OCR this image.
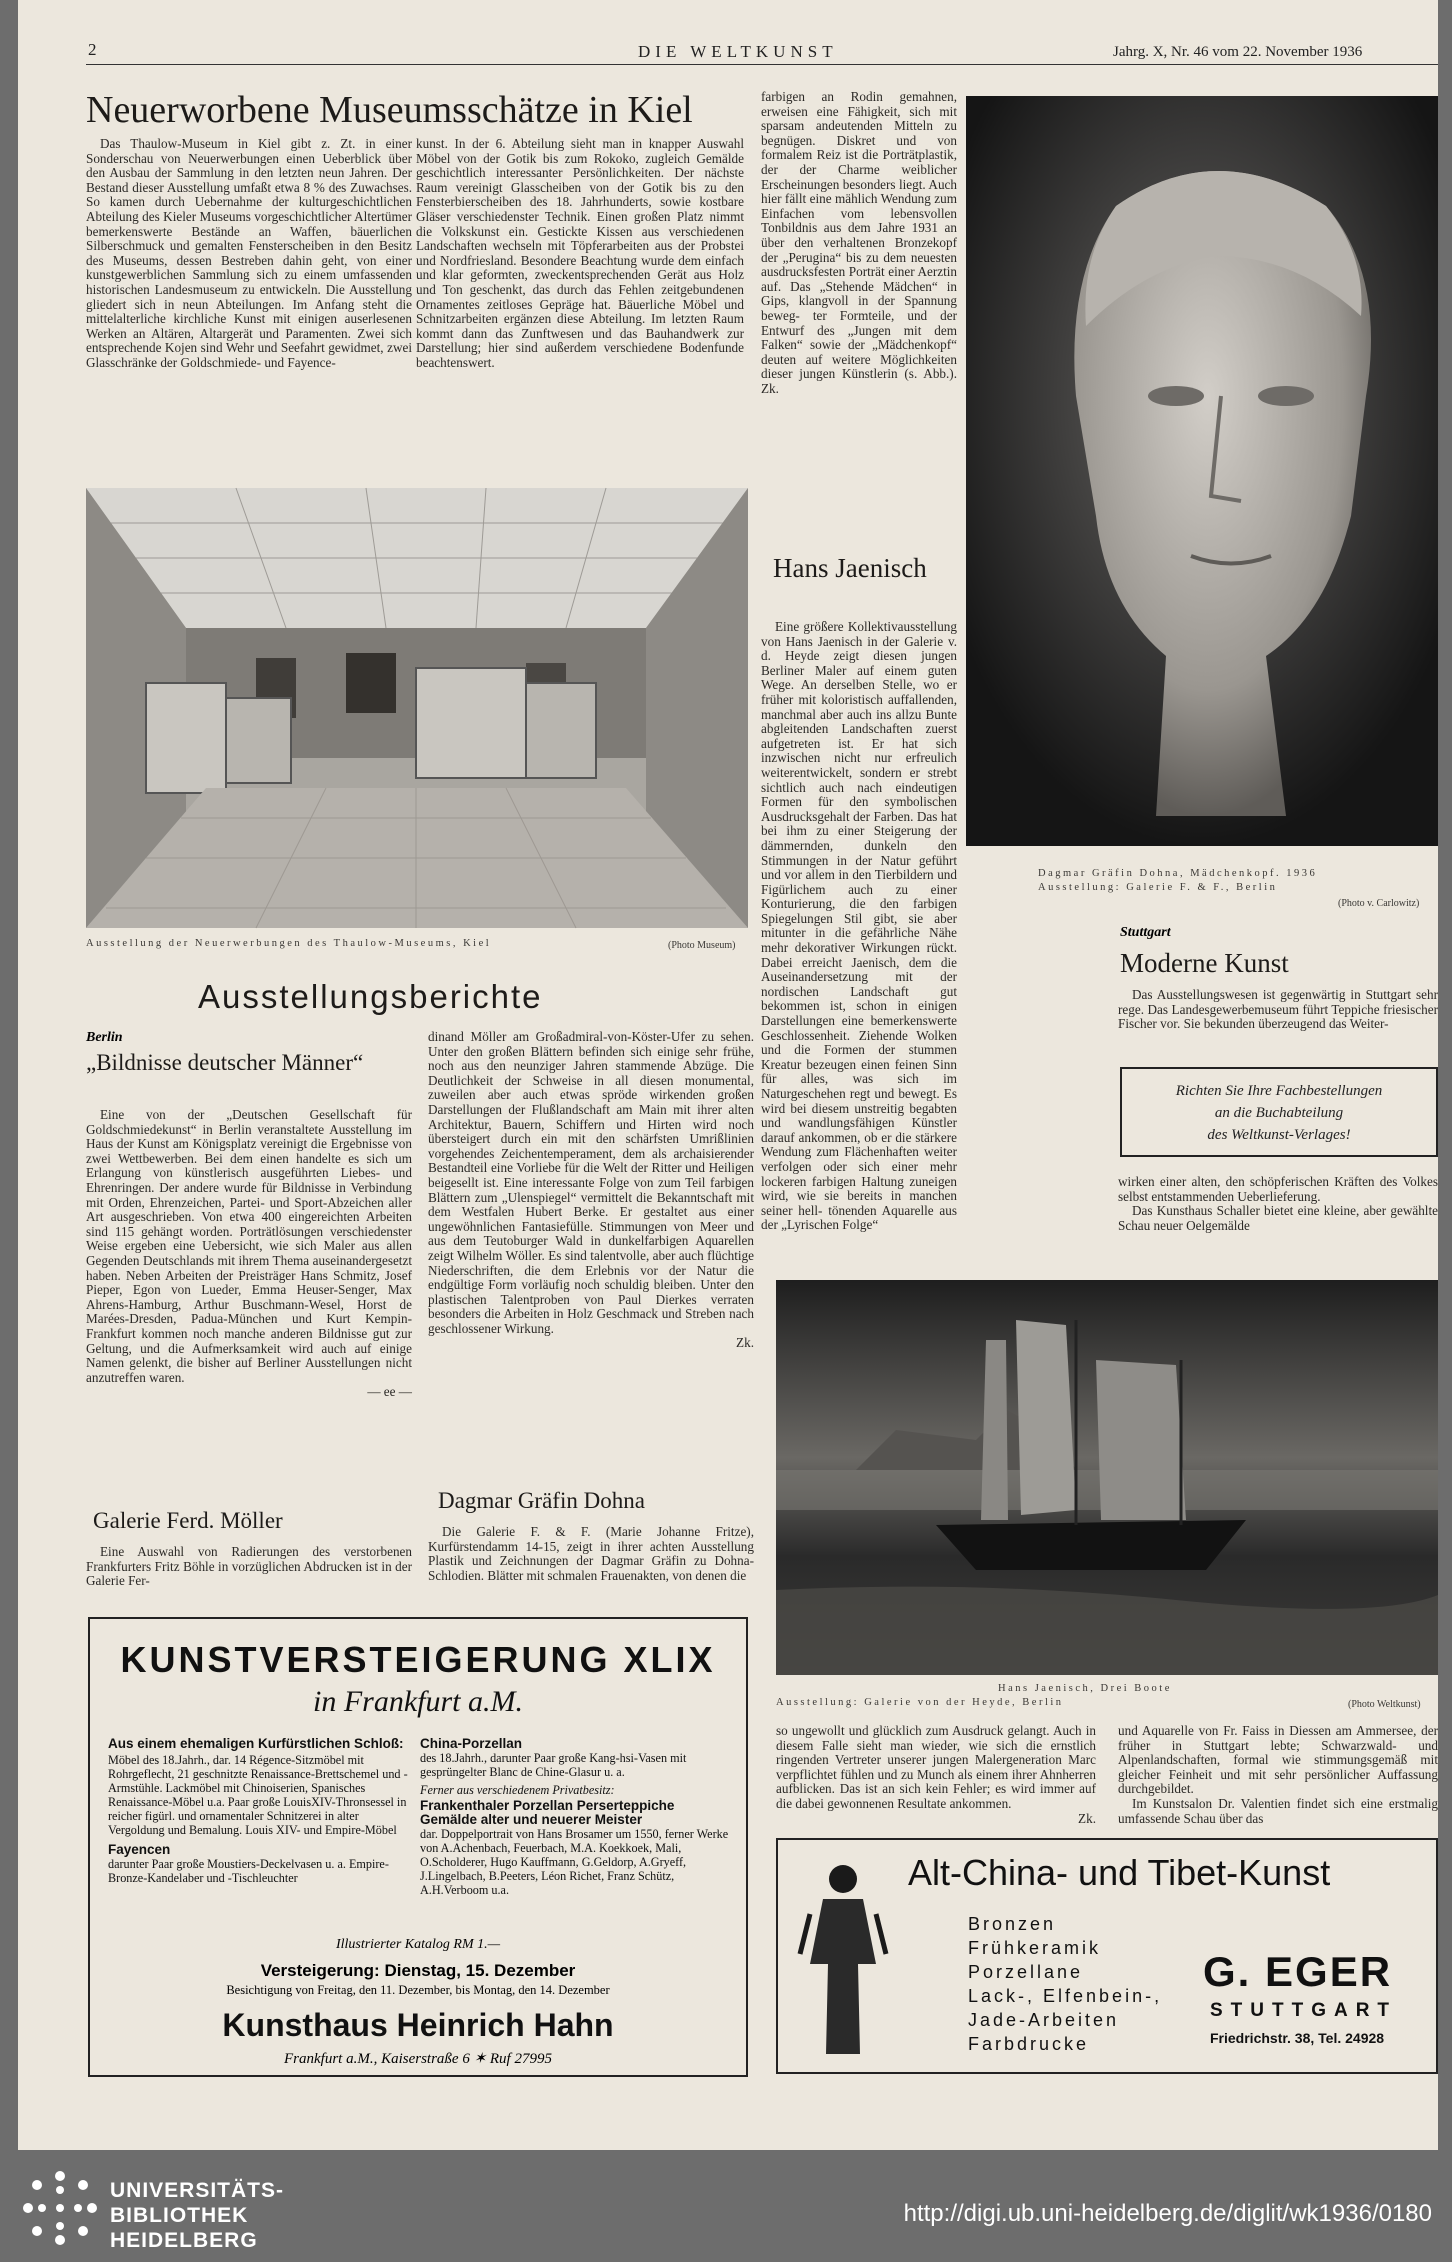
2	DIE WELTKUNST	Jahrg. X, Nr. 46 vom 22. November 1936
Neuerworbene Museumsschätze in Kiel

Das Thaulow-Museum in Kiel gibt z. Zt. in einer Sonderschau von Neuerwerbungen einen Ueberblick über den Ausbau der Sammlung in den letzten neun Jahren. Der Bestand dieser Ausstellung umfaßt etwa 8 % des Zuwachses. So kamen durch Uebernahme der kulturgeschichtlichen Abteilung des Kieler Museums vorgeschichtlicher Altertümer bemerkenswerte Bestände an Waffen, bäuerlichen Silberschmuck und gemalten Fensterscheiben in den Besitz des Museums, dessen Bestreben dahin geht, von einer kunstgewerblichen Sammlung sich zu einem umfassenden historischen Landesmuseum zu entwickeln. Die Ausstellung gliedert sich in neun Abteilungen. Im Anfang steht die mittelalterliche kirchliche Kunst mit einigen auserlesenen Werken an Altären, Altargerät und Paramenten. Zwei sich entsprechende Kojen sind Wehr und Seefahrt gewidmet, zwei Glasschränke der Goldschmiede- und Fayence-

kunst. In der 6. Abteilung sieht man in knapper Auswahl Möbel von der Gotik bis zum Rokoko, zugleich Gemälde geschichtlich interessanter Persönlichkeiten. Der nächste Raum vereinigt Glasscheiben von der Gotik bis zu den Fensterbierscheiben des 18. Jahrhunderts, sowie kostbare Gläser verschiedenster Technik. Einen großen Platz nimmt die Volkskunst ein. Gestickte Kissen aus verschiedenen Landschaften wechseln mit Töpferarbeiten aus der Probstei und Nordfriesland. Besondere Beachtung wurde dem einfach und klar geformten, zweckentsprechenden Gerät aus Holz und Ton geschenkt, das durch das Fehlen zeitgebundenen Ornamentes zeitloses Gepräge hat. Bäuerliche Möbel und Schnitzarbeiten ergänzen diese Abteilung. Im letzten Raum kommt dann das Zunftwesen und das Bauhandwerk zur Darstellung; hier sind außerdem verschiedene Bodenfunde beachtenswert.

Ausstellung der Neuerwerbungen des Thaulow-Museums, Kiel	(Photo Museum)

farbigen an Rodin gemahnen, erweisen eine Fähigkeit, sich mit sparsam andeutenden Mitteln zu begnügen. Diskret und von formalem Reiz ist die Porträtplastik, der der Charme weiblicher Erscheinungen besonders liegt. Auch hier fällt eine mählich Wendung zum Einfachen vom lebensvollen Tonbildnis aus dem Jahre 1931 an über den verhaltenen Bronzekopf der „Perugina“ bis zu dem neuesten ausdrucksfesten Porträt einer Aerztin auf. Das „Stehende Mädchen“ in Gips, klangvoll in der Spannung beweg- ter Formteile, und der Entwurf des „Jungen mit dem Falken“ sowie der „Mädchenkopf“ deuten auf weitere Möglichkeiten dieser jungen Künstlerin (s. Abb.). Zk.

Hans Jaenisch

Eine größere Kollektivausstellung von Hans Jaenisch in der Galerie v. d. Heyde zeigt diesen jungen Berliner Maler auf einem guten Wege. An derselben Stelle, wo er früher mit koloristisch auffallenden, manchmal aber auch ins allzu Bunte abgleitenden Landschaften zuerst aufgetreten ist. Er hat sich inzwischen nicht nur erfreulich weiterentwickelt, sondern er strebt sichtlich auch nach eindeutigen Formen für den symbolischen Ausdrucksgehalt der Farben. Das hat bei ihm zu einer Steigerung der dämmernden, dunkeln den Stimmungen in der Natur geführt und vor allem in den Tierbildern und Figürlichem auch zu einer Konturierung, die den farbigen Spiegelungen Stil gibt, sie aber mitunter in die gefährliche Nähe mehr dekorativer Wirkungen rückt. Dabei erreicht Jaenisch, dem die Auseinandersetzung mit der nordischen Landschaft gut bekommen ist, schon in einigen Darstellungen eine bemerkenswerte Geschlossenheit. Ziehende Wolken und die Formen der stummen Kreatur bezeugen einen feinen Sinn für alles, was sich im Naturgeschehen regt und bewegt. Es wird bei diesem unstreitig begabten und wandlungsfähigen Künstler darauf ankommen, ob er die stärkere Wendung zum Flächenhaften weiter verfolgen oder sich einer mehr lockeren farbigen Haltung zuneigen wird, wie sie bereits in manchen seiner hell- tönenden Aquarelle aus der „Lyrischen Folge“

Dagmar Gräfin Dohna, Mädchenkopf. 1936
Ausstellung: Galerie F. & F., Berlin
(Photo v. Carlowitz)
Ausstellungsberichte
Berlin
„Bildnisse deutscher Männer“

Eine von der „Deutschen Gesellschaft für Goldschmiedekunst“ in Berlin veranstaltete Ausstellung im Haus der Kunst am Königsplatz vereinigt die Ergebnisse von zwei Wettbewerben. Bei dem einen handelte es sich um Erlangung von künstlerisch ausgeführten Liebes- und Ehrenringen. Der andere wurde für Bildnisse in Verbindung mit Orden, Ehrenzeichen, Partei- und Sport-Abzeichen aller Art ausgeschrieben. Von etwa 400 eingereichten Arbeiten sind 115 gehängt worden. Porträtlösungen verschiedenster Weise ergeben eine Uebersicht, wie sich Maler aus allen Gegenden Deutschlands mit ihrem Thema auseinandergesetzt haben. Neben Arbeiten der Preisträger Hans Schmitz, Josef Pieper, Egon von Lueder, Emma Heuser-Senger, Max Ahrens-Hamburg, Arthur Buschmann-Wesel, Horst de Marées-Dresden, Padua-München und Kurt Kempin-Frankfurt kommen noch manche anderen Bildnisse gut zur Geltung, und die Aufmerksamkeit wird auch auf einige Namen gelenkt, die bisher auf Berliner Ausstellungen nicht anzutreffen waren.

— ee —

Galerie Ferd. Möller

Eine Auswahl von Radierungen des verstorbenen Frankfurters Fritz Böhle in vorzüglichen Abdrucken ist in der Galerie Fer-

dinand Möller am Großadmiral-von-Köster-Ufer zu sehen. Unter den großen Blättern befinden sich einige sehr frühe, noch aus den neunziger Jahren stammende Abzüge. Die Deutlichkeit der Schweise in all diesen monumental, zuweilen aber auch etwas spröde wirkenden großen Darstellungen der Flußlandschaft am Main mit ihrer alten Architektur, Bauern, Schiffern und Hirten wird noch übersteigert durch ein mit den schärfsten Umrißlinien vorgehendes Zeichentemperament, dem als archaisierender Bestandteil eine Vorliebe für die Welt der Ritter und Heiligen beigesellt ist. Eine interessante Folge von zum Teil farbigen Blättern zum „Ulenspiegel“ vermittelt die Bekanntschaft mit dem Westfalen Hubert Berke. Er gestaltet aus einer ungewöhnlichen Fantasiefülle. Stimmungen von Meer und aus dem Teutoburger Wald in dunkelfarbigen Aquarellen zeigt Wilhelm Wöller. Es sind talentvolle, aber auch flüchtige Niederschriften, die dem Erlebnis vor der Natur die endgültige Form vorläufig noch schuldig bleiben. Unter den plastischen Talentproben von Paul Dierkes verraten besonders die Arbeiten in Holz Geschmack und Streben nach geschlossener Wirkung.

Zk.

Dagmar Gräfin Dohna

Die Galerie F. & F. (Marie Johanne Fritze), Kurfürstendamm 14-15, zeigt in ihrer achten Ausstellung Plastik und Zeichnungen der Dagmar Gräfin zu Dohna-Schlodien. Blätter mit schmalen Frauenakten, von denen die

Stuttgart
Moderne Kunst

Das Ausstellungswesen ist gegenwärtig in Stuttgart sehr rege. Das Landesgewerbemuseum führt Teppiche friesischer Fischer vor. Sie bekunden überzeugend das Weiter-

Richten Sie Ihre Fachbestellungen
an die Buchabteilung
des Weltkunst-Verlages!

wirken einer alten, den schöpferischen Kräften des Volkes selbst entstammenden Ueberlieferung.

Das Kunsthaus Schaller bietet eine kleine, aber gewählte Schau neuer Oelgemälde

Hans Jaenisch, Drei Boote
Ausstellung: Galerie von der Heyde, Berlin	(Photo Weltkunst)

so ungewollt und glücklich zum Ausdruck gelangt. Auch in diesem Falle sieht man wieder, wie sich die ernstlich ringenden Vertreter unserer jungen Malergeneration Marc verpflichtet fühlen und zu Munch als einem ihrer Ahnherren aufblicken. Das ist an sich kein Fehler; es wird immer auf die dabei gewonnenen Resultate ankommen.

Zk.

und Aquarelle von Fr. Faiss in Diessen am Ammersee, der früher in Stuttgart lebte; Schwarzwald- und Alpenlandschaften, formal wie stimmungsgemäß mit gleicher Feinheit und mit sehr persönlicher Auffassung durchgebildet.

Im Kunstsalon Dr. Valentien findet sich eine erstmalig umfassende Schau über das

KUNSTVERSTEIGERUNG XLIX
in Frankfurt a.M.
Aus einem ehemaligen Kurfürstlichen Schloß:
Möbel des 18.Jahrh., dar. 14 Régence-Sitzmöbel mit Rohrgeflecht, 21 geschnitzte Renaissance-Brettschemel und -Armstühle. Lackmöbel mit Chinoiserien, Spanisches Renaissance-Möbel u.a. Paar große LouisXIV-Thronsessel in reicher figürl. und ornamentaler Schnitzerei in alter Vergoldung und Bemalung. Louis XIV- und Empire-Möbel
Fayencen
darunter Paar große Moustiers-Deckelvasen u. a. Empire-Bronze-Kandelaber und -Tischleuchter
China-Porzellan
des 18.Jahrh., darunter Paar große Kang-hsi-Vasen mit gesprüngelter Blanc de Chine-Glasur u. a.
Ferner aus verschiedenem Privatbesitz:
Frankenthaler Porzellan Perserteppiche
Gemälde alter und neuerer Meister
dar. Doppelportrait von Hans Brosamer um 1550, ferner Werke von A.Achenbach, Feuerbach, M.A. Koekkoek, Mali, O.Scholderer, Hugo Kauffmann, G.Geldorp, A.Gryeff, J.Lingelbach, B.Peeters, Léon Richet, Franz Schütz, A.H.Verboom u.a.
Illustrierter Katalog RM 1.—
Versteigerung: Dienstag, 15. Dezember
Besichtigung von Freitag, den 11. Dezember, bis Montag, den 14. Dezember
Kunsthaus Heinrich Hahn
Frankfurt a.M., Kaiserstraße 6 ✶ Ruf 27995
Alt-China- und Tibet-Kunst
Bronzen
Frühkeramik
Porzellane
Lack-, Elfenbein-,
Jade-Arbeiten
Farbdrucke
G. EGER
STUTTGART
Friedrichstr. 38, Tel. 24928
UNIVERSITÄTS-
BIBLIOTHEK
HEIDELBERG
http://digi.ub.uni-heidelberg.de/diglit/wk1936/0180
